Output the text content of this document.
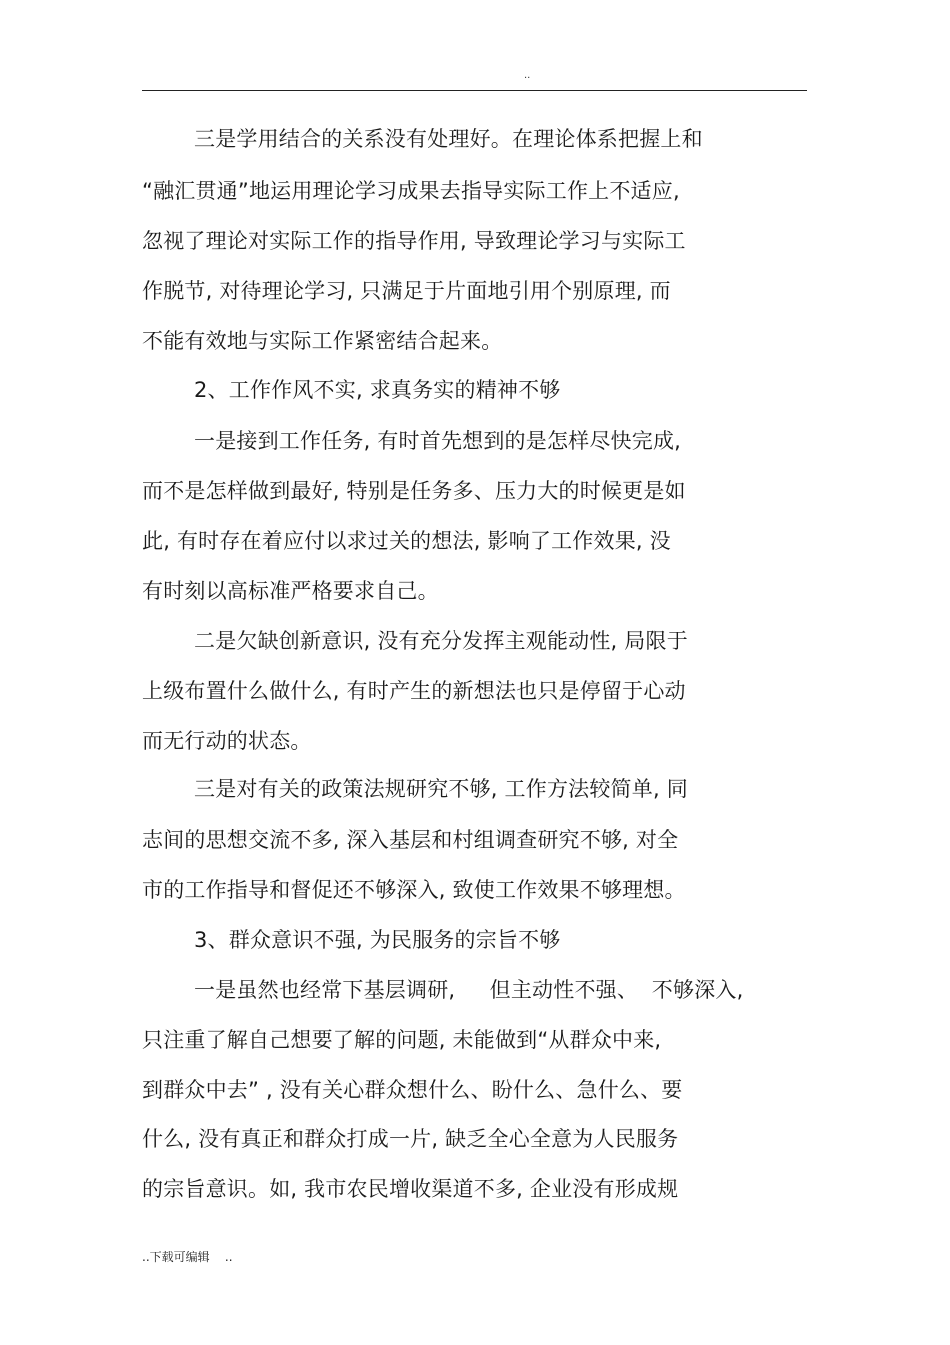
..
三是学用结合的关系没有处理好。在理论体系把握上和
“融汇贯通”地运用理论学习成果去指导实际工作上不适应,
忽视了理论对实际工作的指导作用, 导致理论学习与实际工
作脱节, 对待理论学习, 只满足于片面地引用个别原理, 而
不能有效地与实际工作紧密结合起来。
2、工作作风不实, 求真务实的精神不够
一是接到工作任务, 有时首先想到的是怎样尽快完成,
而不是怎样做到最好, 特别是任务多、压力大的时候更是如
此, 有时存在着应付以求过关的想法, 影响了工作效果, 没
有时刻以高标准严格要求自己。
二是欠缺创新意识, 没有充分发挥主观能动性, 局限于
上级布置什么做什么, 有时产生的新想法也只是停留于心动
而无行动的状态。
三是对有关的政策法规研究不够, 工作方法较简单, 同
志间的思想交流不多, 深入基层和村组调查研究不够, 对全
市的工作指导和督促还不够深入, 致使工作效果不够理想。
3、群众意识不强, 为民服务的宗旨不够
一是虽然也经常下基层调研,     但主动性不强、  不够深入,
只注重了解自己想要了解的问题, 未能做到“从群众中来,
到群众中去” , 没有关心群众想什么、盼什么、急什么、要
什么, 没有真正和群众打成一片, 缺乏全心全意为人民服务
的宗旨意识。如, 我市农民增收渠道不多, 企业没有形成规
..下载可编辑    ..
